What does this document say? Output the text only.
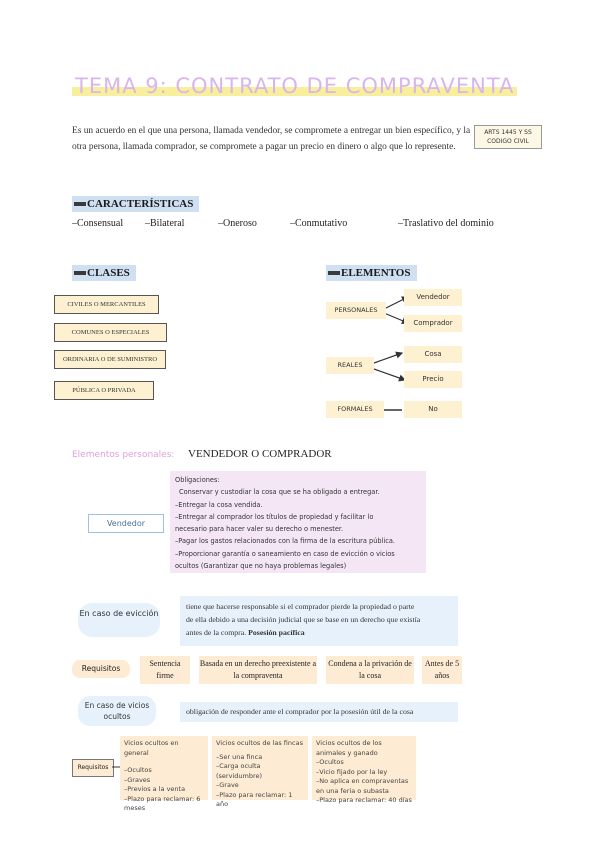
TEMA 9: CONTRATO DE COMPRAVENTA
Es un acuerdo en el que una persona, llamada vendedor, se compromete a entregar un bien específico, y la otra persona, llamada comprador, se compromete a pagar un precio en dinero o algo que lo represente.
ARTS 1445 Y SS
CODIGO CIVIL
CARACTERÍSTICAS
–Consensual –Bilateral	–Oneroso	–Conmutativo	–Traslativo del dominio
CLASES
CIVILES O MERCANTILES
COMUNES O ESPECIALES
ORDINARIA O DE SUMINISTRO
PÚBLICA O PRIVADA
ELEMENTOS
PERSONALES
Vendedor
Comprador
REALES
Cosa
Precio
FORMALES	No
Elementos personales: VENDEDOR O COMPRADOR
Vendedor
Obligaciones:
Conservar y custodiar la cosa que se ha obligado a entregar.
–Entregar la cosa vendida.
–Entregar al comprador los títulos de propiedad y facilitar lo
necesario para hacer valer su derecho o menester.
–Pagar los gastos relacionados con la firma de la escritura pública.
–Proporcionar garantía o saneamiento en caso de evicción o vicios
ocultos (Garantizar que no haya problemas legales)
En caso de evicción
tiene que hacerse responsable si el comprador pierde la propiedad o parte
de ella debido a una decisión judicial que se base en un derecho que existía
antes de la compra. Posesión pacífica
Requisitos
Sentencia firme
Basada en un derecho preexistente a la compraventa
Condena a la privación de la cosa
Antes de 5 años
En caso de vicios ocultos
obligación de responder ante el comprador por la posesión útil de la cosa
Requisitos
Vicios ocultos en general
–Ocultos
–Graves
–Previos a la venta
–Plazo para reclamar: 6 meses
Vicios ocultos de las fincas
–Ser una finca
–Carga oculta (servidumbre)
–Grave
–Plazo para reclamar: 1 año
Vicios ocultos de los animales y ganado
–Ocultos
–Vicio fijado por la ley
–No aplica en compraventas en una feria o subasta
–Plazo para reclamar: 40 días
